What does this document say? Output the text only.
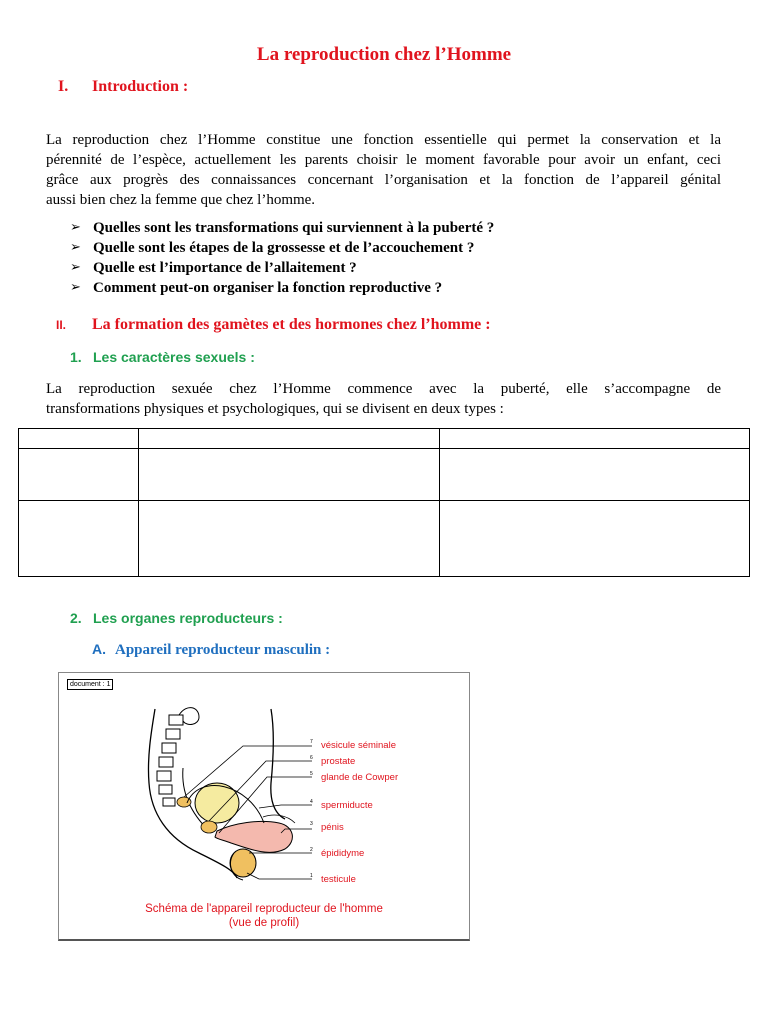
La reproduction chez l’Homme
I. Introduction :
La reproduction chez l’Homme constitue une fonction essentielle qui permet la conservation et la
pérennité de l’espèce, actuellement les parents choisir le moment favorable pour avoir un enfant, ceci
grâce aux progrès des connaissances concernant l’organisation et la fonction de l’appareil génital
aussi bien chez la femme que chez l’homme.
➢ Quelles sont les transformations qui surviennent à la puberté ?
➢ Quelle sont les étapes de la grossesse et de l’accouchement ?
➢ Quelle est l’importance de l’allaitement ?
➢ Comment peut-on organiser la fonction reproductive ?
II. La formation des gamètes et des hormones chez l’homme :
1. Les caractères sexuels :
La reproduction sexuée chez l’Homme commence avec la puberté, elle s’accompagne de
transformations physiques et psychologiques, qui se divisent en deux types :

2. Les organes reproducteurs :
A. Appareil reproducteur masculin :
document : 1
7 vésicule séminale
6 prostate
5 glande de Cowper
4 spermiducte
3 pénis
2 épididyme
1 testicule
Schéma de l'appareil reproducteur de l'homme
(vue de profil)
